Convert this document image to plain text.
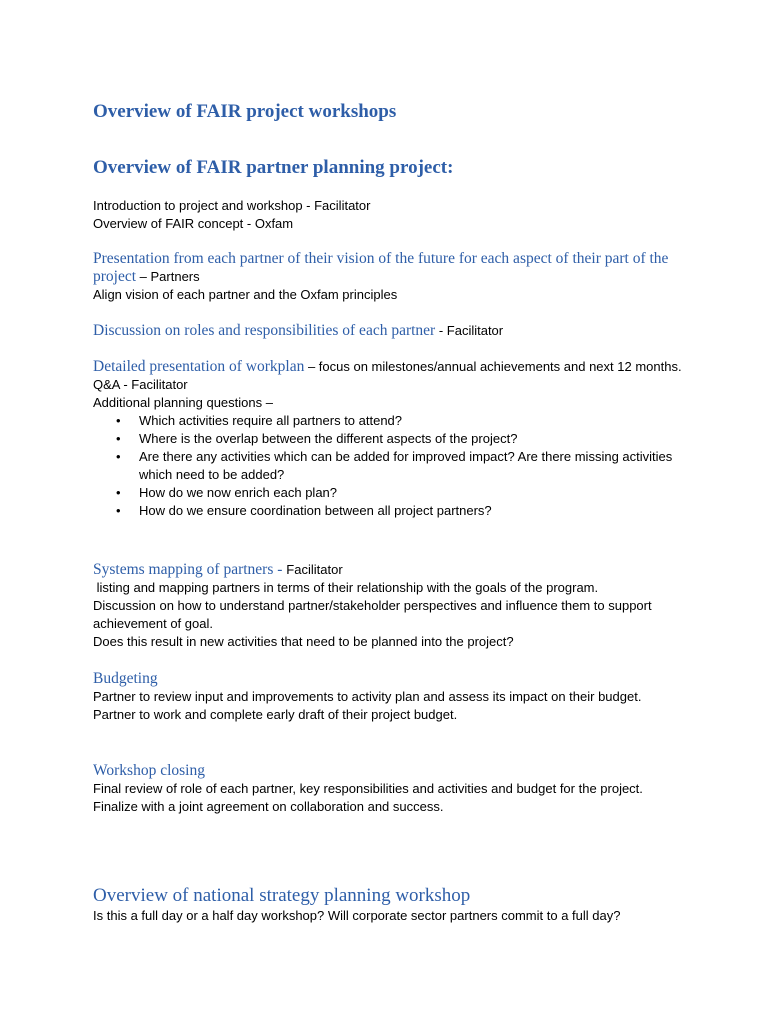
Overview of FAIR project workshops
Overview of FAIR partner planning project:
Introduction to project and workshop - Facilitator
Overview of FAIR concept - Oxfam
Presentation from each partner of their vision of the future for each aspect of their part of the project – Partners
Align vision of each partner and the Oxfam principles
Discussion on roles and responsibilities of each partner - Facilitator
Detailed presentation of workplan – focus on milestones/annual achievements and next 12 months.
Q&A - Facilitator
Additional planning questions –
• Which activities require all partners to attend?
• Where is the overlap between the different aspects of the project?
• Are there any activities which can be added for improved impact? Are there missing activities which need to be added?
• How do we now enrich each plan?
• How do we ensure coordination between all project partners?
Systems mapping of partners - Facilitator
listing and mapping partners in terms of their relationship with the goals of the program.
Discussion on how to understand partner/stakeholder perspectives and influence them to support achievement of goal.
Does this result in new activities that need to be planned into the project?
Budgeting
Partner to review input and improvements to activity plan and assess its impact on their budget.
Partner to work and complete early draft of their project budget.
Workshop closing
Final review of role of each partner, key responsibilities and activities and budget for the project.
Finalize with a joint agreement on collaboration and success.
Overview of national strategy planning workshop
Is this a full day or a half day workshop? Will corporate sector partners commit to a full day?
